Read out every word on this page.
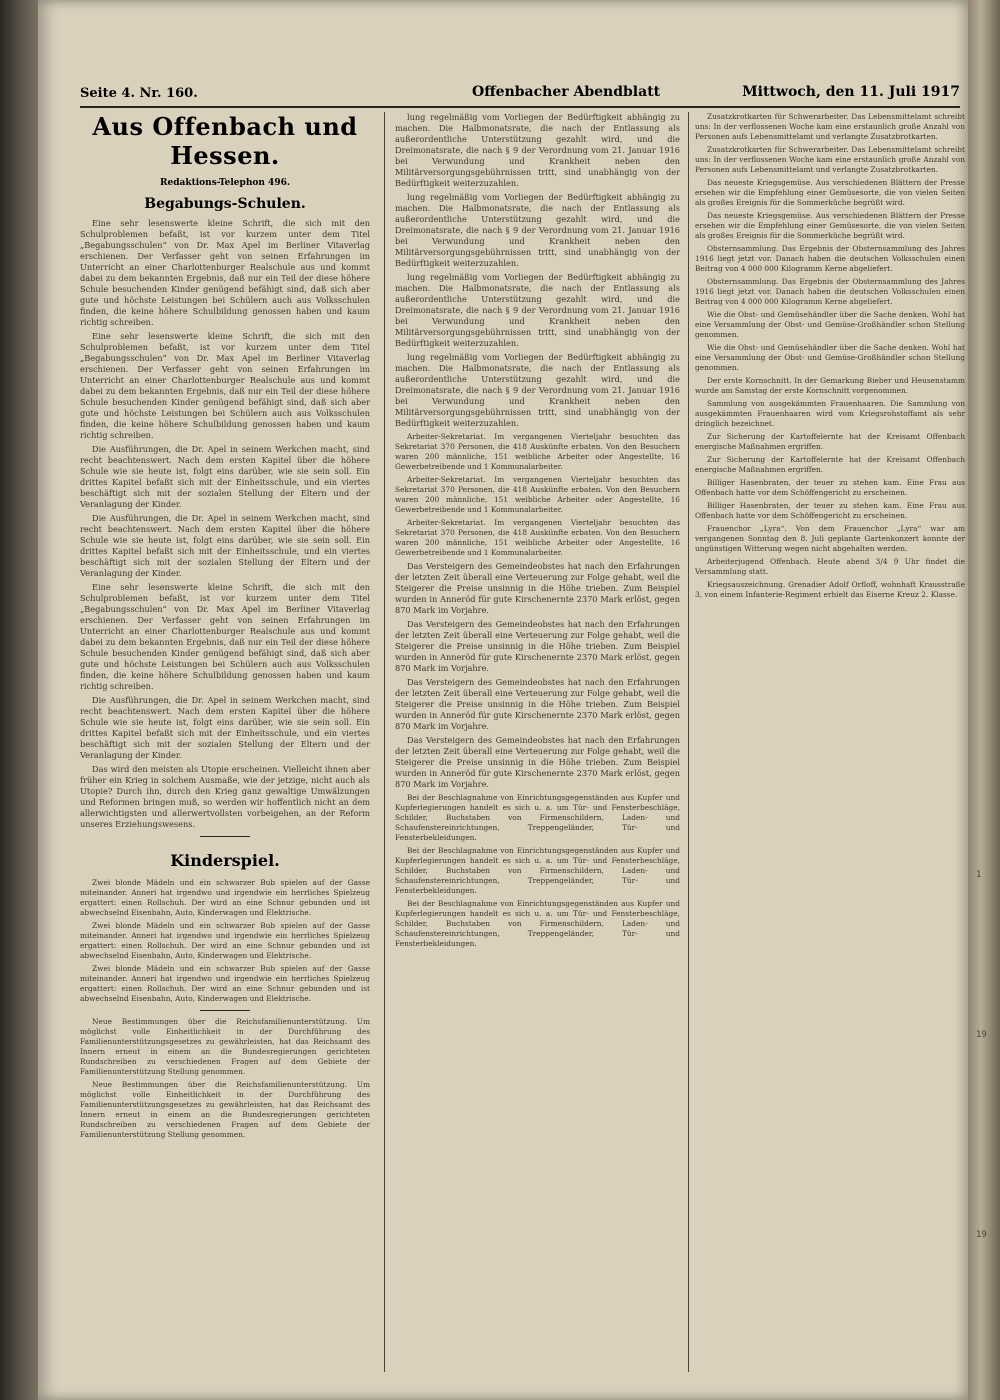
1
19
19
Seite 4. Nr. 160.	Offenbacher Abendblatt	Mittwoch, den 11. Juli 1917
Aus Offenbach und Hessen.
Redaktions-Telephon 496.
Begabungs-Schulen.

Eine sehr lesenswerte kleine Schrift, die sich mit den Schulproblemen befaßt, ist vor kurzem unter dem Titel „Begabungsschulen“ von Dr. Max Apel im Berliner Vitaverlag erschienen. Der Verfasser geht von seinen Erfahrungen im Unterricht an einer Charlottenburger Realschule aus und kommt dabei zu dem bekannten Ergebnis, daß nur ein Teil der diese höhere Schule besuchenden Kinder genügend befähigt sind, daß sich aber gute und höchste Leistungen bei Schülern auch aus Volksschulen finden, die keine höhere Schulbildung genossen haben und kaum richtig schreiben.

Eine sehr lesenswerte kleine Schrift, die sich mit den Schulproblemen befaßt, ist vor kurzem unter dem Titel „Begabungsschulen“ von Dr. Max Apel im Berliner Vitaverlag erschienen. Der Verfasser geht von seinen Erfahrungen im Unterricht an einer Charlottenburger Realschule aus und kommt dabei zu dem bekannten Ergebnis, daß nur ein Teil der diese höhere Schule besuchenden Kinder genügend befähigt sind, daß sich aber gute und höchste Leistungen bei Schülern auch aus Volksschulen finden, die keine höhere Schulbildung genossen haben und kaum richtig schreiben.

Die Ausführungen, die Dr. Apel in seinem Werkchen macht, sind recht beachtenswert. Nach dem ersten Kapitel über die höhere Schule wie sie heute ist, folgt eins darüber, wie sie sein soll. Ein drittes Kapitel befaßt sich mit der Einheitsschule, und ein viertes beschäftigt sich mit der sozialen Stellung der Eltern und der Veranlagung der Kinder.

Die Ausführungen, die Dr. Apel in seinem Werkchen macht, sind recht beachtenswert. Nach dem ersten Kapitel über die höhere Schule wie sie heute ist, folgt eins darüber, wie sie sein soll. Ein drittes Kapitel befaßt sich mit der Einheitsschule, und ein viertes beschäftigt sich mit der sozialen Stellung der Eltern und der Veranlagung der Kinder.

Eine sehr lesenswerte kleine Schrift, die sich mit den Schulproblemen befaßt, ist vor kurzem unter dem Titel „Begabungsschulen“ von Dr. Max Apel im Berliner Vitaverlag erschienen. Der Verfasser geht von seinen Erfahrungen im Unterricht an einer Charlottenburger Realschule aus und kommt dabei zu dem bekannten Ergebnis, daß nur ein Teil der diese höhere Schule besuchenden Kinder genügend befähigt sind, daß sich aber gute und höchste Leistungen bei Schülern auch aus Volksschulen finden, die keine höhere Schulbildung genossen haben und kaum richtig schreiben.

Die Ausführungen, die Dr. Apel in seinem Werkchen macht, sind recht beachtenswert. Nach dem ersten Kapitel über die höhere Schule wie sie heute ist, folgt eins darüber, wie sie sein soll. Ein drittes Kapitel befaßt sich mit der Einheitsschule, und ein viertes beschäftigt sich mit der sozialen Stellung der Eltern und der Veranlagung der Kinder.

Das wird den meisten als Utopie erscheinen. Vielleicht ihnen aber früher ein Krieg in solchem Ausmaße, wie der jetzige, nicht auch als Utopie? Durch ihn, durch den Krieg ganz gewaltige Umwälzungen und Reformen bringen muß, so werden wir hoffentlich nicht an dem allerwichtigsten und allerwertvollsten vorbeigehen, an der Reform unseres Erziehungswesens.

Kinderspiel.

Zwei blonde Mädeln und ein schwarzer Bub spielen auf der Gasse miteinander. Anneri hat irgendwo und irgendwie ein herrliches Spielzeug ergattert: einen Rollschuh. Der wird an eine Schnur gebunden und ist abwechselnd Eisenbahn, Auto, Kinderwagen und Elektrische.

Zwei blonde Mädeln und ein schwarzer Bub spielen auf der Gasse miteinander. Anneri hat irgendwo und irgendwie ein herrliches Spielzeug ergattert: einen Rollschuh. Der wird an eine Schnur gebunden und ist abwechselnd Eisenbahn, Auto, Kinderwagen und Elektrische.

Zwei blonde Mädeln und ein schwarzer Bub spielen auf der Gasse miteinander. Anneri hat irgendwo und irgendwie ein herrliches Spielzeug ergattert: einen Rollschuh. Der wird an eine Schnur gebunden und ist abwechselnd Eisenbahn, Auto, Kinderwagen und Elektrische.

Neue Bestimmungen über die Reichsfamilienunterstützung. Um möglichst volle Einheitlichkeit in der Durchführung des Familienunterstützungsgesetzes zu gewährleisten, hat das Reichsamt des Innern erneut in einem an die Bundesregierungen gerichteten Rundschreiben zu verschiedenen Fragen auf dem Gebiete der Familienunterstützung Stellung genommen.

Neue Bestimmungen über die Reichsfamilienunterstützung. Um möglichst volle Einheitlichkeit in der Durchführung des Familienunterstützungsgesetzes zu gewährleisten, hat das Reichsamt des Innern erneut in einem an die Bundesregierungen gerichteten Rundschreiben zu verschiedenen Fragen auf dem Gebiete der Familienunterstützung Stellung genommen.

lung regelmäßig vom Vorliegen der Bedürftigkeit abhängig zu machen. Die Halbmonatsrate, die nach der Entlassung als außerordentliche Unterstützung gezahlt wird, und die Dreimonatsrate, die nach § 9 der Verordnung vom 21. Januar 1916 bei Verwundung und Krankheit neben den Militärversorgungsgebührnissen tritt, sind unabhängig von der Bedürftigkeit weiterzuzahlen.

lung regelmäßig vom Vorliegen der Bedürftigkeit abhängig zu machen. Die Halbmonatsrate, die nach der Entlassung als außerordentliche Unterstützung gezahlt wird, und die Dreimonatsrate, die nach § 9 der Verordnung vom 21. Januar 1916 bei Verwundung und Krankheit neben den Militärversorgungsgebührnissen tritt, sind unabhängig von der Bedürftigkeit weiterzuzahlen.

lung regelmäßig vom Vorliegen der Bedürftigkeit abhängig zu machen. Die Halbmonatsrate, die nach der Entlassung als außerordentliche Unterstützung gezahlt wird, und die Dreimonatsrate, die nach § 9 der Verordnung vom 21. Januar 1916 bei Verwundung und Krankheit neben den Militärversorgungsgebührnissen tritt, sind unabhängig von der Bedürftigkeit weiterzuzahlen.

lung regelmäßig vom Vorliegen der Bedürftigkeit abhängig zu machen. Die Halbmonatsrate, die nach der Entlassung als außerordentliche Unterstützung gezahlt wird, und die Dreimonatsrate, die nach § 9 der Verordnung vom 21. Januar 1916 bei Verwundung und Krankheit neben den Militärversorgungsgebührnissen tritt, sind unabhängig von der Bedürftigkeit weiterzuzahlen.

Arbeiter-Sekretariat. Im vergangenen Vierteljahr besuchten das Sekretariat 370 Personen, die 418 Auskünfte erbaten. Von den Besuchern waren 200 männliche, 151 weibliche Arbeiter oder Angestellte, 16 Gewerbetreibende und 1 Kommunalarbeiter.

Arbeiter-Sekretariat. Im vergangenen Vierteljahr besuchten das Sekretariat 370 Personen, die 418 Auskünfte erbaten. Von den Besuchern waren 200 männliche, 151 weibliche Arbeiter oder Angestellte, 16 Gewerbetreibende und 1 Kommunalarbeiter.

Arbeiter-Sekretariat. Im vergangenen Vierteljahr besuchten das Sekretariat 370 Personen, die 418 Auskünfte erbaten. Von den Besuchern waren 200 männliche, 151 weibliche Arbeiter oder Angestellte, 16 Gewerbetreibende und 1 Kommunalarbeiter.

Das Versteigern des Gemeindeobstes hat nach den Erfahrungen der letzten Zeit überall eine Verteuerung zur Folge gehabt, weil die Steigerer die Preise unsinnig in die Höhe trieben. Zum Beispiel wurden in Anneröd für gute Kirschenernte 2370 Mark erlöst, gegen 870 Mark im Vorjahre.

Das Versteigern des Gemeindeobstes hat nach den Erfahrungen der letzten Zeit überall eine Verteuerung zur Folge gehabt, weil die Steigerer die Preise unsinnig in die Höhe trieben. Zum Beispiel wurden in Anneröd für gute Kirschenernte 2370 Mark erlöst, gegen 870 Mark im Vorjahre.

Das Versteigern des Gemeindeobstes hat nach den Erfahrungen der letzten Zeit überall eine Verteuerung zur Folge gehabt, weil die Steigerer die Preise unsinnig in die Höhe trieben. Zum Beispiel wurden in Anneröd für gute Kirschenernte 2370 Mark erlöst, gegen 870 Mark im Vorjahre.

Das Versteigern des Gemeindeobstes hat nach den Erfahrungen der letzten Zeit überall eine Verteuerung zur Folge gehabt, weil die Steigerer die Preise unsinnig in die Höhe trieben. Zum Beispiel wurden in Anneröd für gute Kirschenernte 2370 Mark erlöst, gegen 870 Mark im Vorjahre.

Bei der Beschlagnahme von Einrichtungsgegenständen aus Kupfer und Kupferlegierungen handelt es sich u. a. um Tür- und Fensterbeschläge, Schilder, Buchstaben von Firmenschildern, Laden- und Schaufenstereinrichtungen, Treppengeländer, Tür- und Fensterbekleidungen.

Bei der Beschlagnahme von Einrichtungsgegenständen aus Kupfer und Kupferlegierungen handelt es sich u. a. um Tür- und Fensterbeschläge, Schilder, Buchstaben von Firmenschildern, Laden- und Schaufenstereinrichtungen, Treppengeländer, Tür- und Fensterbekleidungen.

Bei der Beschlagnahme von Einrichtungsgegenständen aus Kupfer und Kupferlegierungen handelt es sich u. a. um Tür- und Fensterbeschläge, Schilder, Buchstaben von Firmenschildern, Laden- und Schaufenstereinrichtungen, Treppengeländer, Tür- und Fensterbekleidungen.

Zusatzkrotkarten für Schwerarbeiter. Das Lebensmittelamt schreibt uns: In der verflossenen Woche kam eine erstaunlich große Anzahl von Personen aufs Lebensmittelamt und verlangte Zusatzbrotkarten.

Zusatzkrotkarten für Schwerarbeiter. Das Lebensmittelamt schreibt uns: In der verflossenen Woche kam eine erstaunlich große Anzahl von Personen aufs Lebensmittelamt und verlangte Zusatzbrotkarten.

Das neueste Kriegsgemüse. Aus verschiedenen Blättern der Presse ersehen wir die Empfehlung einer Gemüsesorte, die von vielen Seiten als großes Ereignis für die Sommerküche begrüßt wird.

Das neueste Kriegsgemüse. Aus verschiedenen Blättern der Presse ersehen wir die Empfehlung einer Gemüsesorte, die von vielen Seiten als großes Ereignis für die Sommerküche begrüßt wird.

Obsternsammlung. Das Ergebnis der Obsternsammlung des Jahres 1916 liegt jetzt vor. Danach haben die deutschen Volksschulen einen Beitrag von 4 000 000 Kilogramm Kerne abgeliefert.

Obsternsammlung. Das Ergebnis der Obsternsammlung des Jahres 1916 liegt jetzt vor. Danach haben die deutschen Volksschulen einen Beitrag von 4 000 000 Kilogramm Kerne abgeliefert.

Wie die Obst- und Gemüsehändler über die Sache denken. Wohl hat eine Versammlung der Obst- und Gemüse-Großhändler schon Stellung genommen.

Wie die Obst- und Gemüsehändler über die Sache denken. Wohl hat eine Versammlung der Obst- und Gemüse-Großhändler schon Stellung genommen.

Der erste Kornschnitt. In der Gemarkung Bieber und Heusenstamm wurde am Samstag der erste Kornschnitt vorgenommen.

Sammlung von ausgekämmten Frauenhaaren. Die Sammlung von ausgekämmten Frauenhaaren wird vom Kriegsrohstoffamt als sehr dringlich bezeichnet.

Zur Sicherung der Kartoffelernte hat der Kreisamt Offenbach energische Maßnahmen ergriffen.

Zur Sicherung der Kartoffelernte hat der Kreisamt Offenbach energische Maßnahmen ergriffen.

Billiger Hasenbraten, der teuer zu stehen kam. Eine Frau aus Offenbach hatte vor dem Schöffengericht zu erscheinen.

Billiger Hasenbraten, der teuer zu stehen kam. Eine Frau aus Offenbach hatte vor dem Schöffengericht zu erscheinen.

Frauenchor „Lyra“. Von dem Frauenchor „Lyra“ war am vergangenen Sonntag den 8. Juli geplante Gartenkonzert konnte der ungünstigen Witterung wegen nicht abgehalten werden.

Arbeiterjugend Offenbach. Heute abend 3/4 9 Uhr findet die Versammlung statt.

Kriegsauszeichnung. Grenadier Adolf Orfloff, wohnhaft Krausstraße 3, von einem Infanterie-Regiment erhielt das Eiserne Kreuz 2. Klasse.
